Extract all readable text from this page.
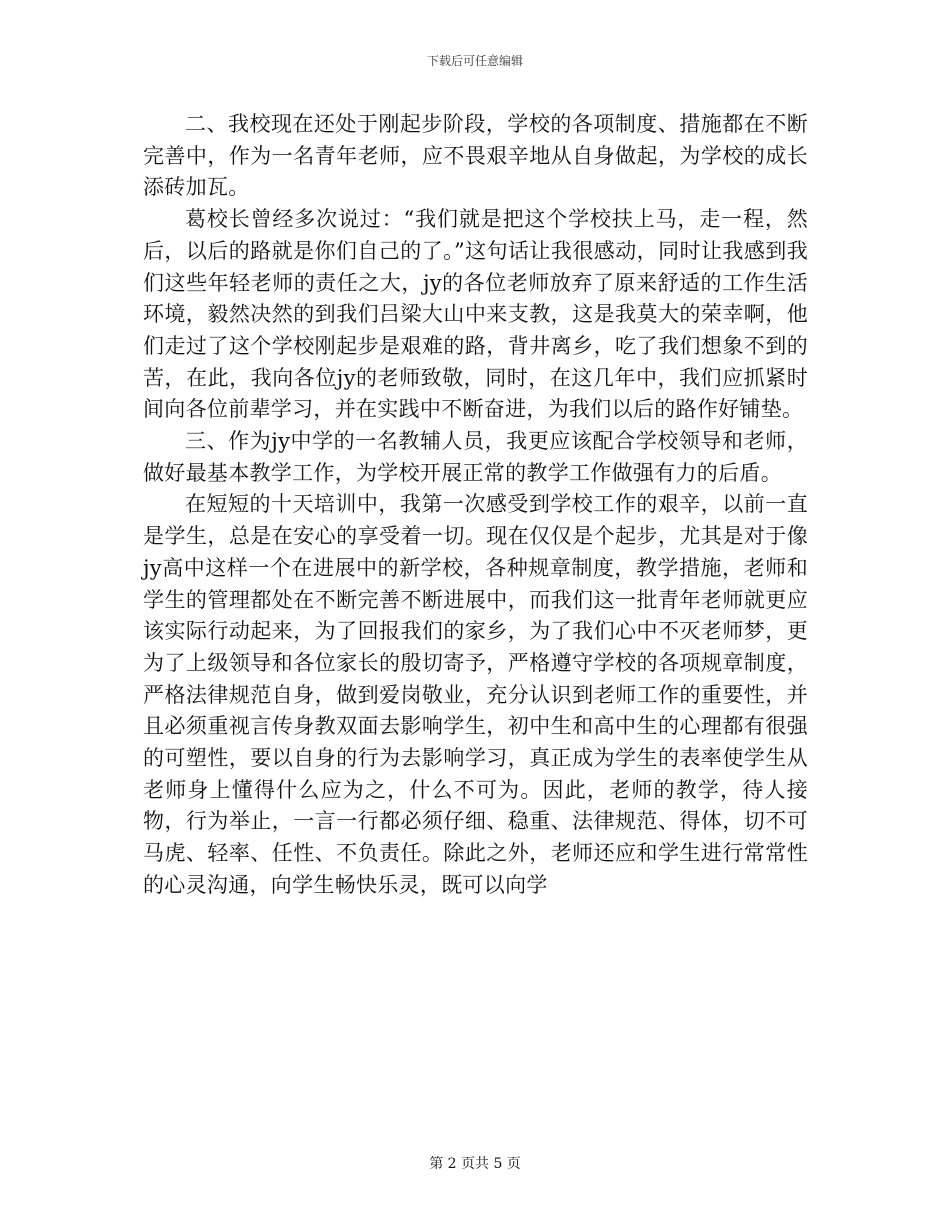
下载后可任意编辑

二、我校现在还处于刚起步阶段，学校的各项制度、措施都在不断完善中，作为一名青年老师，应不畏艰辛地从自身做起，为学校的成长添砖加瓦。

葛校长曾经多次说过：“我们就是把这个学校扶上马，走一程，然后，以后的路就是你们自己的了。”这句话让我很感动，同时让我感到我们这些年轻老师的责任之大，jy的各位老师放弃了原来舒适的工作生活环境，毅然决然的到我们吕梁大山中来支教，这是我莫大的荣幸啊，他们走过了这个学校刚起步是艰难的路，背井离乡，吃了我们想象不到的苦，在此，我向各位jy的老师致敬，同时，在这几年中，我们应抓紧时间向各位前辈学习，并在实践中不断奋进，为我们以后的路作好铺垫。

三、作为jy中学的一名教辅人员，我更应该配合学校领导和老师，做好最基本教学工作，为学校开展正常的教学工作做强有力的后盾。

在短短的十天培训中，我第一次感受到学校工作的艰辛，以前一直是学生，总是在安心的享受着一切。现在仅仅是个起步，尤其是对于像jy高中这样一个在进展中的新学校，各种规章制度，教学措施，老师和学生的管理都处在不断完善不断进展中，而我们这一批青年老师就更应该实际行动起来，为了回报我们的家乡，为了我们心中不灭老师梦，更为了上级领导和各位家长的殷切寄予，严格遵守学校的各项规章制度，严格法律规范自身，做到爱岗敬业，充分认识到老师工作的重要性，并且必须重视言传身教双面去影响学生，初中生和高中生的心理都有很强的可塑性，要以自身的行为去影响学习，真正成为学生的表率使学生从老师身上懂得什么应为之，什么不可为。因此，老师的教学，待人接物，行为举止，一言一行都必须仔细、稳重、法律规范、得体，切不可马虎、轻率、任性、不负责任。除此之外，老师还应和学生进行常常性的心灵沟通，向学生畅快乐灵，既可以向学

第 2 页共 5 页
